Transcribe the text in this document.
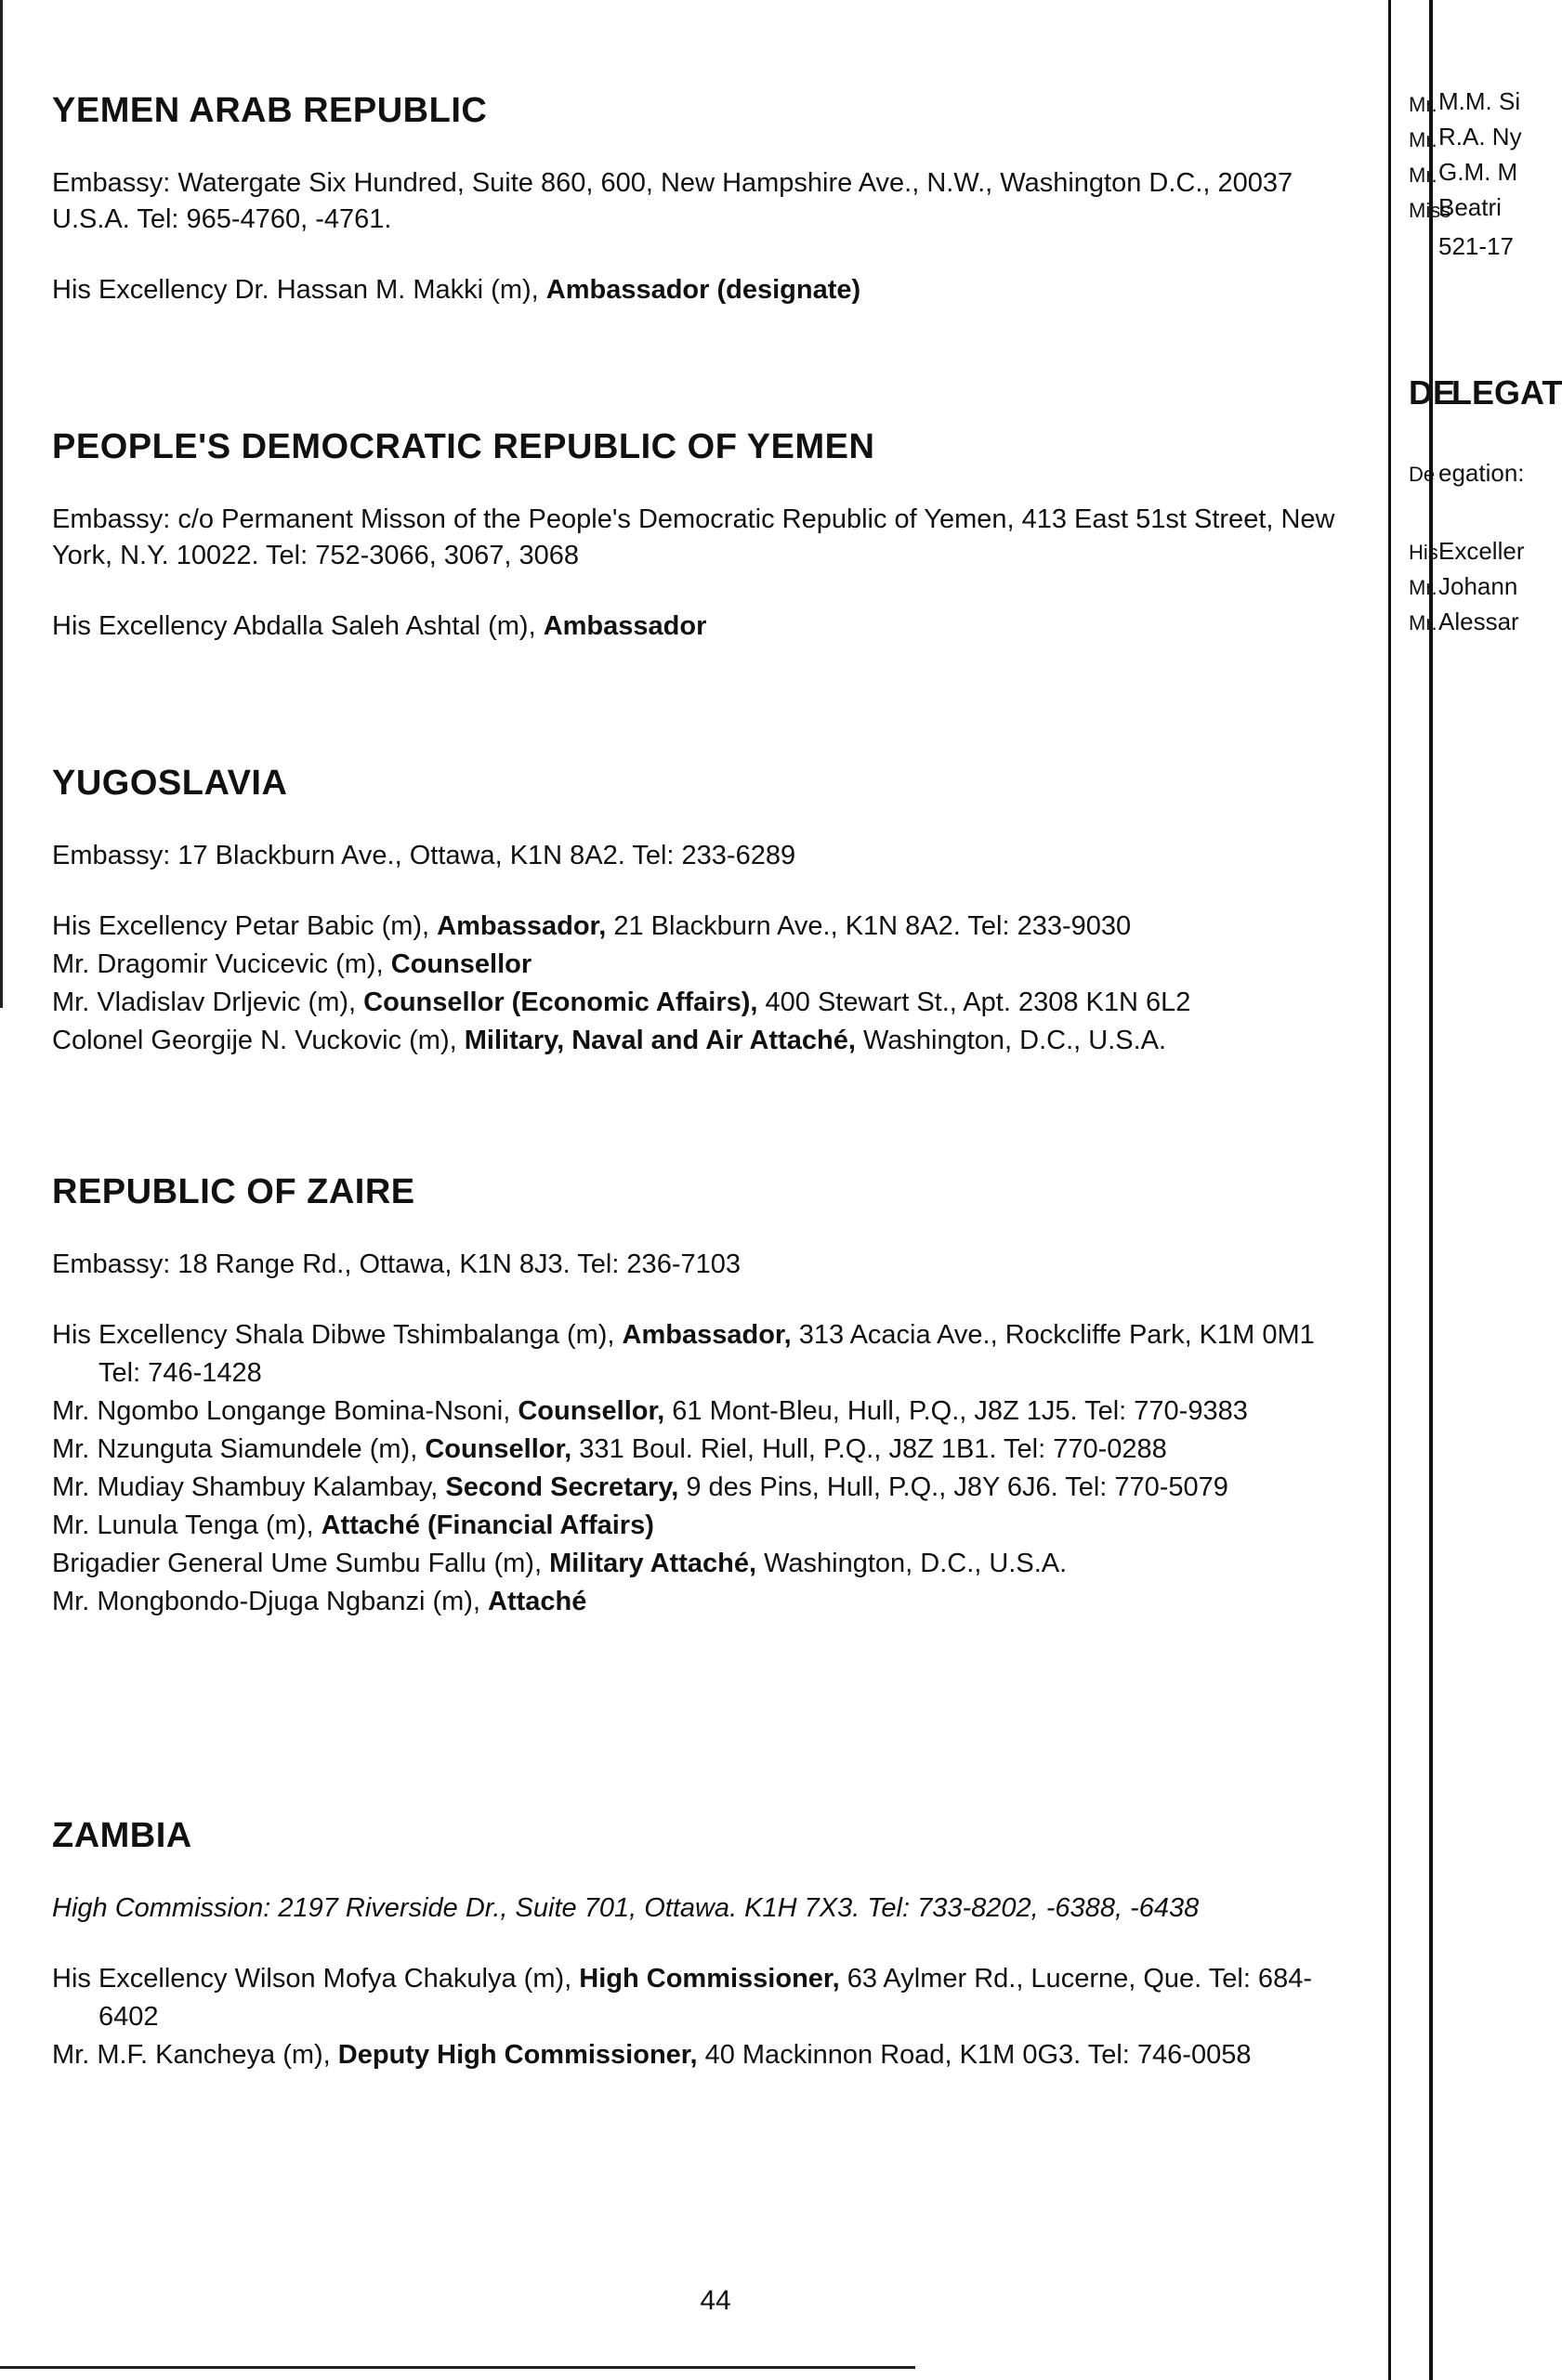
YEMEN ARAB REPUBLIC

Embassy: Watergate Six Hundred, Suite 860, 600, New Hampshire Ave., N.W., Washington D.C., 20037 U.S.A. Tel: 965-4760, -4761.

His Excellency Dr. Hassan M. Makki (m), Ambassador (designate)
PEOPLE'S DEMOCRATIC REPUBLIC OF YEMEN

Embassy: c/o Permanent Misson of the People's Democratic Republic of Yemen, 413 East 51st Street, New York, N.Y. 10022. Tel: 752-3066, 3067, 3068

His Excellency Abdalla Saleh Ashtal (m), Ambassador
YUGOSLAVIA

Embassy: 17 Blackburn Ave., Ottawa, K1N 8A2. Tel: 233-6289

His Excellency Petar Babic (m), Ambassador, 21 Blackburn Ave., K1N 8A2. Tel: 233-9030
Mr. Dragomir Vucicevic (m), Counsellor
Mr. Vladislav Drljevic (m), Counsellor (Economic Affairs), 400 Stewart St., Apt. 2308 K1N 6L2
Colonel Georgije N. Vuckovic (m), Military, Naval and Air Attaché, Washington, D.C., U.S.A.
REPUBLIC OF ZAIRE

Embassy: 18 Range Rd., Ottawa, K1N 8J3. Tel: 236-7103

His Excellency Shala Dibwe Tshimbalanga (m), Ambassador, 313 Acacia Ave., Rockcliffe Park, K1M 0M1 Tel: 746-1428
Mr. Ngombo Longange Bomina-Nsoni, Counsellor, 61 Mont-Bleu, Hull, P.Q., J8Z 1J5. Tel: 770-9383
Mr. Nzunguta Siamundele (m), Counsellor, 331 Boul. Riel, Hull, P.Q., J8Z 1B1. Tel: 770-0288
Mr. Mudiay Shambuy Kalambay, Second Secretary, 9 des Pins, Hull, P.Q., J8Y 6J6. Tel: 770-5079
Mr. Lunula Tenga (m), Attaché (Financial Affairs)
Brigadier General Ume Sumbu Fallu (m), Military Attaché, Washington, D.C., U.S.A.
Mr. Mongbondo-Djuga Ngbanzi (m), Attaché
ZAMBIA

High Commission: 2197 Riverside Dr., Suite 701, Ottawa. K1H 7X3. Tel: 733-8202, -6388, -6438

His Excellency Wilson Mofya Chakulya (m), High Commissioner, 63 Aylmer Rd., Lucerne, Que. Tel: 684-6402
Mr. M.F. Kancheya (m), Deputy High Commissioner, 40 Mackinnon Road, K1M 0G3. Tel: 746-0058
44
Mr. M.M. Si
Mr. R.A. Ny
Mr. G.M. M
Miss
Beatri
521-17
DE
LEGAT
De egation:
His Exceller
Mr. Johann
Mr. Alessar
